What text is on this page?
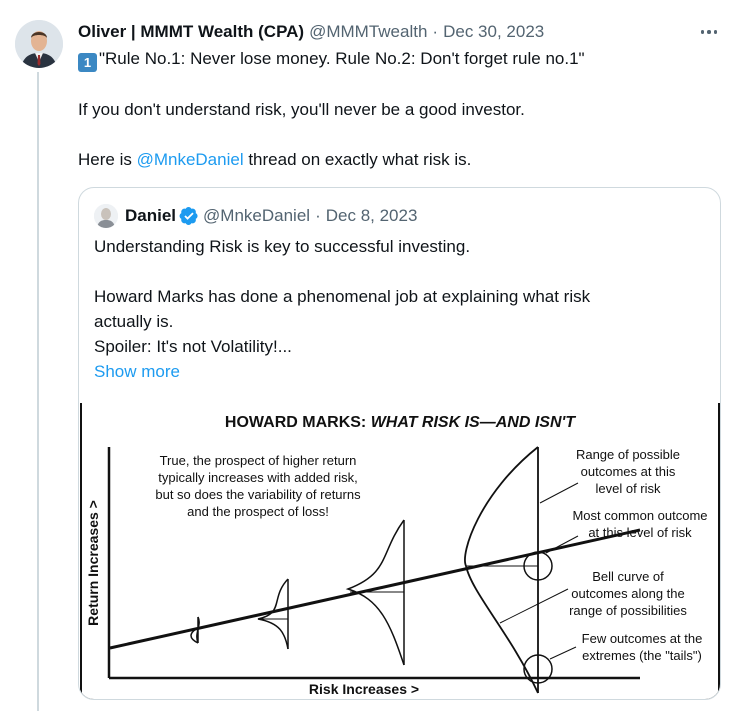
Oliver | MMMT Wealth (CPA) @MMMTwealth · Dec 30, 2023

1 "Rule No.1: Never lose money. Rule No.2: Don't forget rule no.1"

If you don't understand risk, you'll never be a good investor.

Here is @MnkeDaniel thread on exactly what risk is.

Daniel @MnkeDaniel · Dec 8, 2023

Understanding Risk is key to successful investing.

Howard Marks has done a phenomenal job at explaining what risk

actually is.

Spoiler: It's not Volatility!...

Show more

HOWARD MARKS: WHAT RISK IS—AND ISN'T
Return Increases >
Risk Increases >
True, the prospect of higher return
typically increases with added risk,
but so does the variability of returns
and the prospect of loss!
Range of possible
outcomes at this
level of risk
Most common outcome
at this level of risk
Bell curve of
outcomes along the
range of possibilities
Few outcomes at the
extremes (the "tails")
